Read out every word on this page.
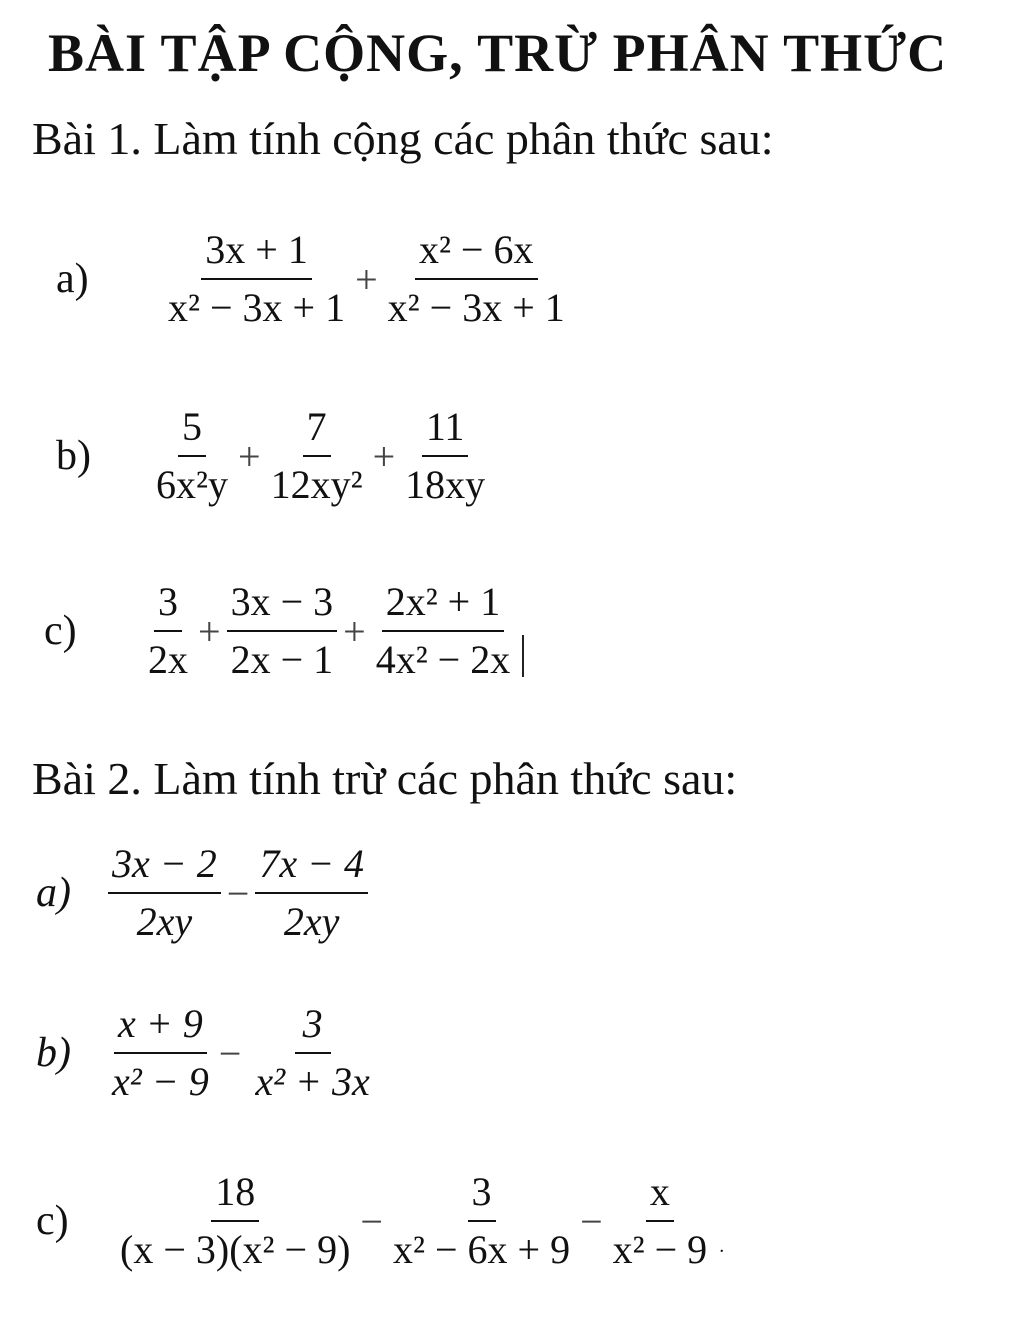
BÀI TẬP CỘNG, TRỪ PHÂN THỨC
Bài 1. Làm tính cộng các phân thức sau:
a)	$\frac{3x + 1}{\text{x² − 3x + 1}} + \frac{\text{x² − 6x}}{\text{x² − 3x + 1}}$
b)	$\frac{5}{\text{6x²y}} + \frac{7}{\text{12xy²}} + \frac{11}{18xy}$
c)	$\frac{3}{2x} + \frac{3x - 3}{2x - 1} + \frac{\text{2x² + 1}}{\text{4x² − 2x}}$
Bài 2. Làm tính trừ các phân thức sau:
$a) \frac{3x - 2}{2xy} - \frac{7x - 4}{2xy}$
$b) \frac{x + 9}{\text{x² − 9}} - \frac{3}{\text{x² + 3x}}$
c)	$\frac{18}{\text{(x − 3)(x² − 9)}} - \frac{3}{\text{x² − 6x + 9}} - \frac{x}{\text{x² − 9}}$ .
